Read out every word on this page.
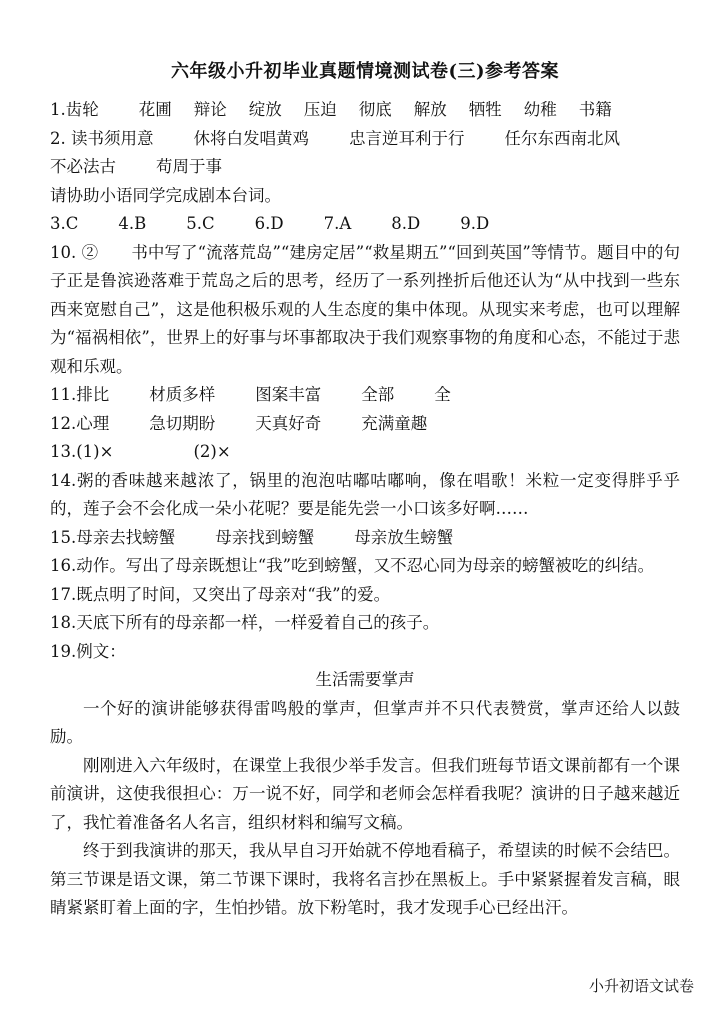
六年级小升初毕业真题情境测试卷(三)参考答案
1.齿轮 花圃 辩论 绽放 压迫 彻底 解放 牺牲 幼稚 书籍
2. 读书须用意 休将白发唱黄鸡 忠言逆耳利于行 任尔东西南北风
不必法古 苟周于事
请协助小语同学完成剧本台词。
3.C 4.B 5.C 6.D 7.A 8.D 9.D
10. ②　　书中写了“流落荒岛”“建房定居”“救星期五”“回到英国”等情节。题目中的句子正是鲁滨逊落难于荒岛之后的思考，经历了一系列挫折后他还认为“从中找到一些东西来宽慰自己”，这是他积极乐观的人生态度的集中体现。从现实来考虑，也可以理解为“福祸相依”，世界上的好事与坏事都取决于我们观察事物的角度和心态，不能过于悲观和乐观。
11.排比 材质多样 图案丰富 全部 全
12.心理 急切期盼 天真好奇 充满童趣
13.(1)×	(2)×
14.粥的香味越来越浓了，锅里的泡泡咕嘟咕嘟响，像在唱歌！米粒一定变得胖乎乎的，莲子会不会化成一朵小花呢？要是能先尝一小口该多好啊……
15.母亲去找螃蟹 母亲找到螃蟹 母亲放生螃蟹
16.动作。写出了母亲既想让“我”吃到螃蟹，又不忍心同为母亲的螃蟹被吃的纠结。
17.既点明了时间，又突出了母亲对“我”的爱。
18.天底下所有的母亲都一样，一样爱着自己的孩子。
19.例文：
生活需要掌声
一个好的演讲能够获得雷鸣般的掌声，但掌声并不只代表赞赏，掌声还给人以鼓励。
刚刚进入六年级时，在课堂上我很少举手发言。但我们班每节语文课前都有一个课前演讲，这使我很担心：万一说不好，同学和老师会怎样看我呢？演讲的日子越来越近了，我忙着准备名人名言，组织材料和编写文稿。
终于到我演讲的那天，我从早自习开始就不停地看稿子，希望读的时候不会结巴。第三节课是语文课，第二节课下课时，我将名言抄在黑板上。手中紧紧握着发言稿，眼睛紧紧盯着上面的字，生怕抄错。放下粉笔时，我才发现手心已经出汗。
小升初语文试卷
